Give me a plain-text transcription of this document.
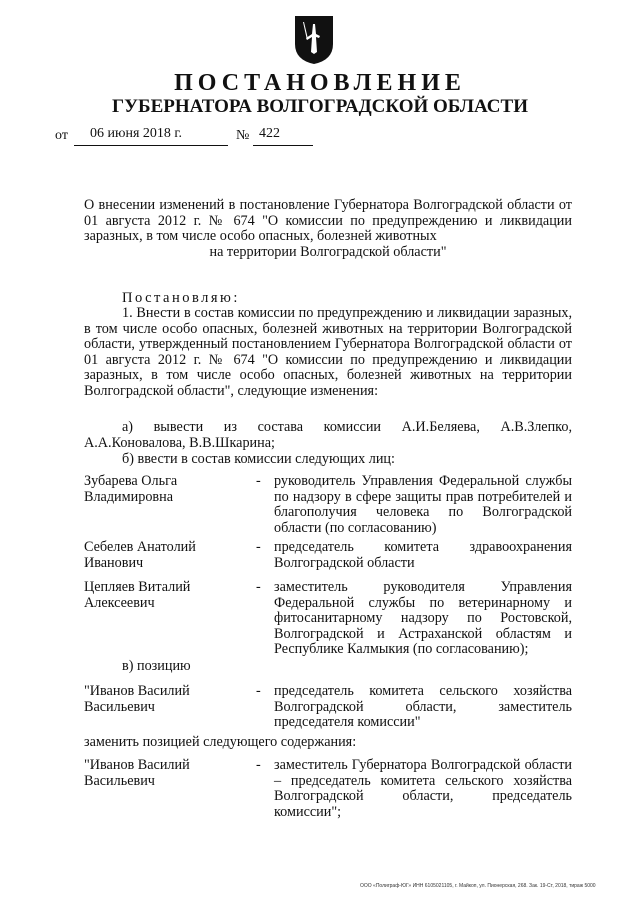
ПОСТАНОВЛЕНИЕ
ГУБЕРНАТОРА ВОЛГОГРАДСКОЙ ОБЛАСТИ
от 06 июня 2018 г.	№ 422
О внесении изменений в постановление Губернатора Волгоградской области от 01 августа 2012 г. № 674 "О комиссии по предупреждению и ликвидации заразных, в том числе особо опасных, болезней животных
на территории Волгоградской области"
Постановляю:
1. Внести в состав комиссии по предупреждению и ликвидации заразных, в том числе особо опасных, болезней животных на территории Волгоградской области, утвержденный постановлением Губернатора Волгоградской области от 01 августа 2012 г. № 674 "О комиссии по предупреждению и ликвидации заразных, в том числе особо опасных, болезней животных на территории Волгоградской области", следующие изменения:
а) вывести из состава комиссии А.И.Беляева, А.В.Злепко, А.А.Коновалова, В.В.Шкарина;
б) ввести в состав комиссии следующих лиц:
Зубарева Ольга Владимировна
- руководитель Управления Федеральной службы по надзору в сфере защиты прав потребителей и благополучия человека по Волгоградской области (по согласованию)
Себелев Анатолий Иванович
- председатель комитета здравоохранения Волгоградской области
Цепляев Виталий Алексеевич
- заместитель руководителя Управления Федеральной службы по ветеринарному и фитосанитарному надзору по Ростовской, Волгоградской и Астраханской областям и Республике Калмыкия (по согласованию);
в) позицию
"Иванов Василий Васильевич
- председатель комитета сельского хозяйства Волгоградской области, заместитель председателя комиссии"
заменить позицией следующего содержания:
"Иванов Василий Васильевич
- заместитель Губернатора Волгоградской области – председатель комитета сельского хозяйства Волгоградской области, председатель комиссии";
ООО «Полиграф-ЮГ» ИНН 6105021105, г. Майкоп, ул. Пионерская, 268. Зак. 19-Ст, 2018, тираж 5000
